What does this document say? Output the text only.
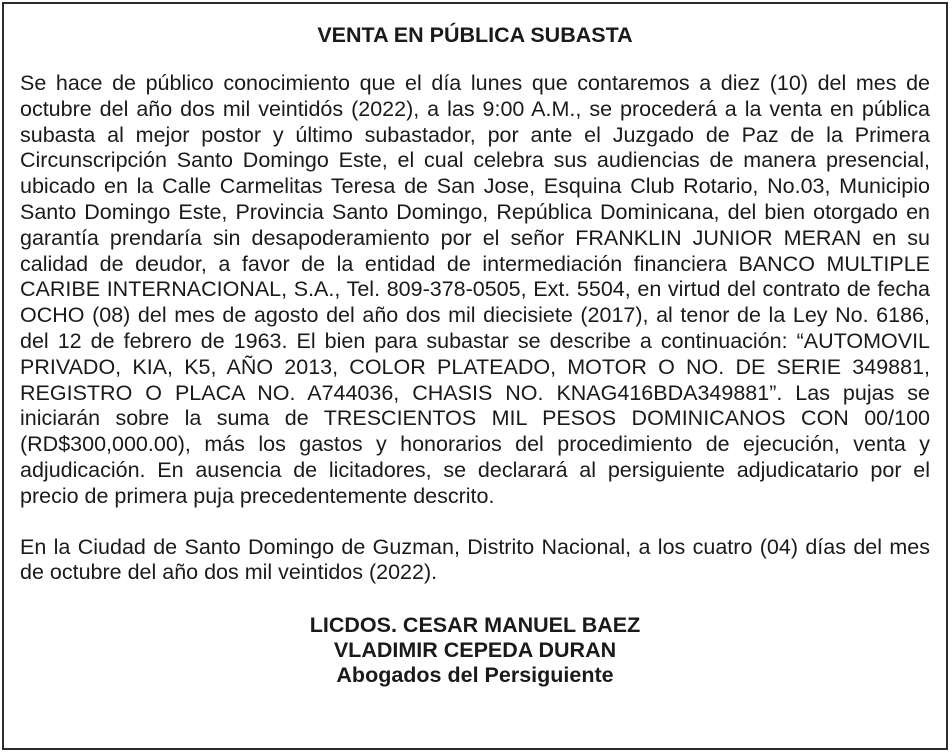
VENTA EN PÚBLICA SUBASTA

Se hace de público conocimiento que el día lunes que contaremos a diez (10) del mes de octubre del año dos mil veintidós (2022), a las 9:00 A.M., se procederá a la venta en pública subasta al mejor postor y último subastador, por ante el Juzgado de Paz de la Primera Circunscripción Santo Domingo Este, el cual celebra sus audiencias de manera presencial, ubicado en la Calle Carmelitas Teresa de San Jose, Esquina Club Rotario, No.03, Municipio Santo Domingo Este, Provincia Santo Domingo, República Dominicana, del bien otorgado en garantía prendaría sin desapoderamiento por el señor FRANKLIN JUNIOR MERAN en su calidad de deudor, a favor de la entidad de intermediación financiera BANCO MULTIPLE CARIBE INTERNACIONAL, S.A., Tel. 809-378-0505, Ext. 5504, en virtud del contrato de fecha OCHO (08) del mes de agosto del año dos mil diecisiete (2017), al tenor de la Ley No. 6186, del 12 de febrero de 1963. El bien para subastar se describe a continuación: “AUTOMOVIL PRIVADO, KIA, K5, AÑO 2013, COLOR PLATEADO, MOTOR O NO. DE SERIE 349881, REGISTRO O PLACA NO. A744036, CHASIS NO. KNAG416BDA349881”. Las pujas se iniciarán sobre la suma de TRESCIENTOS MIL PESOS DOMINICANOS CON 00/100 (RD$300,000.00), más los gastos y honorarios del procedimiento de ejecución, venta y adjudicación. En ausencia de licitadores, se declarará al persiguiente adjudicatario por el precio de primera puja precedentemente descrito.

En la Ciudad de Santo Domingo de Guzman, Distrito Nacional, a los cuatro (04) días del mes de octubre del año dos mil veintidos (2022).

LICDOS. CESAR MANUEL BAEZ
VLADIMIR CEPEDA DURAN
Abogados del Persiguiente
